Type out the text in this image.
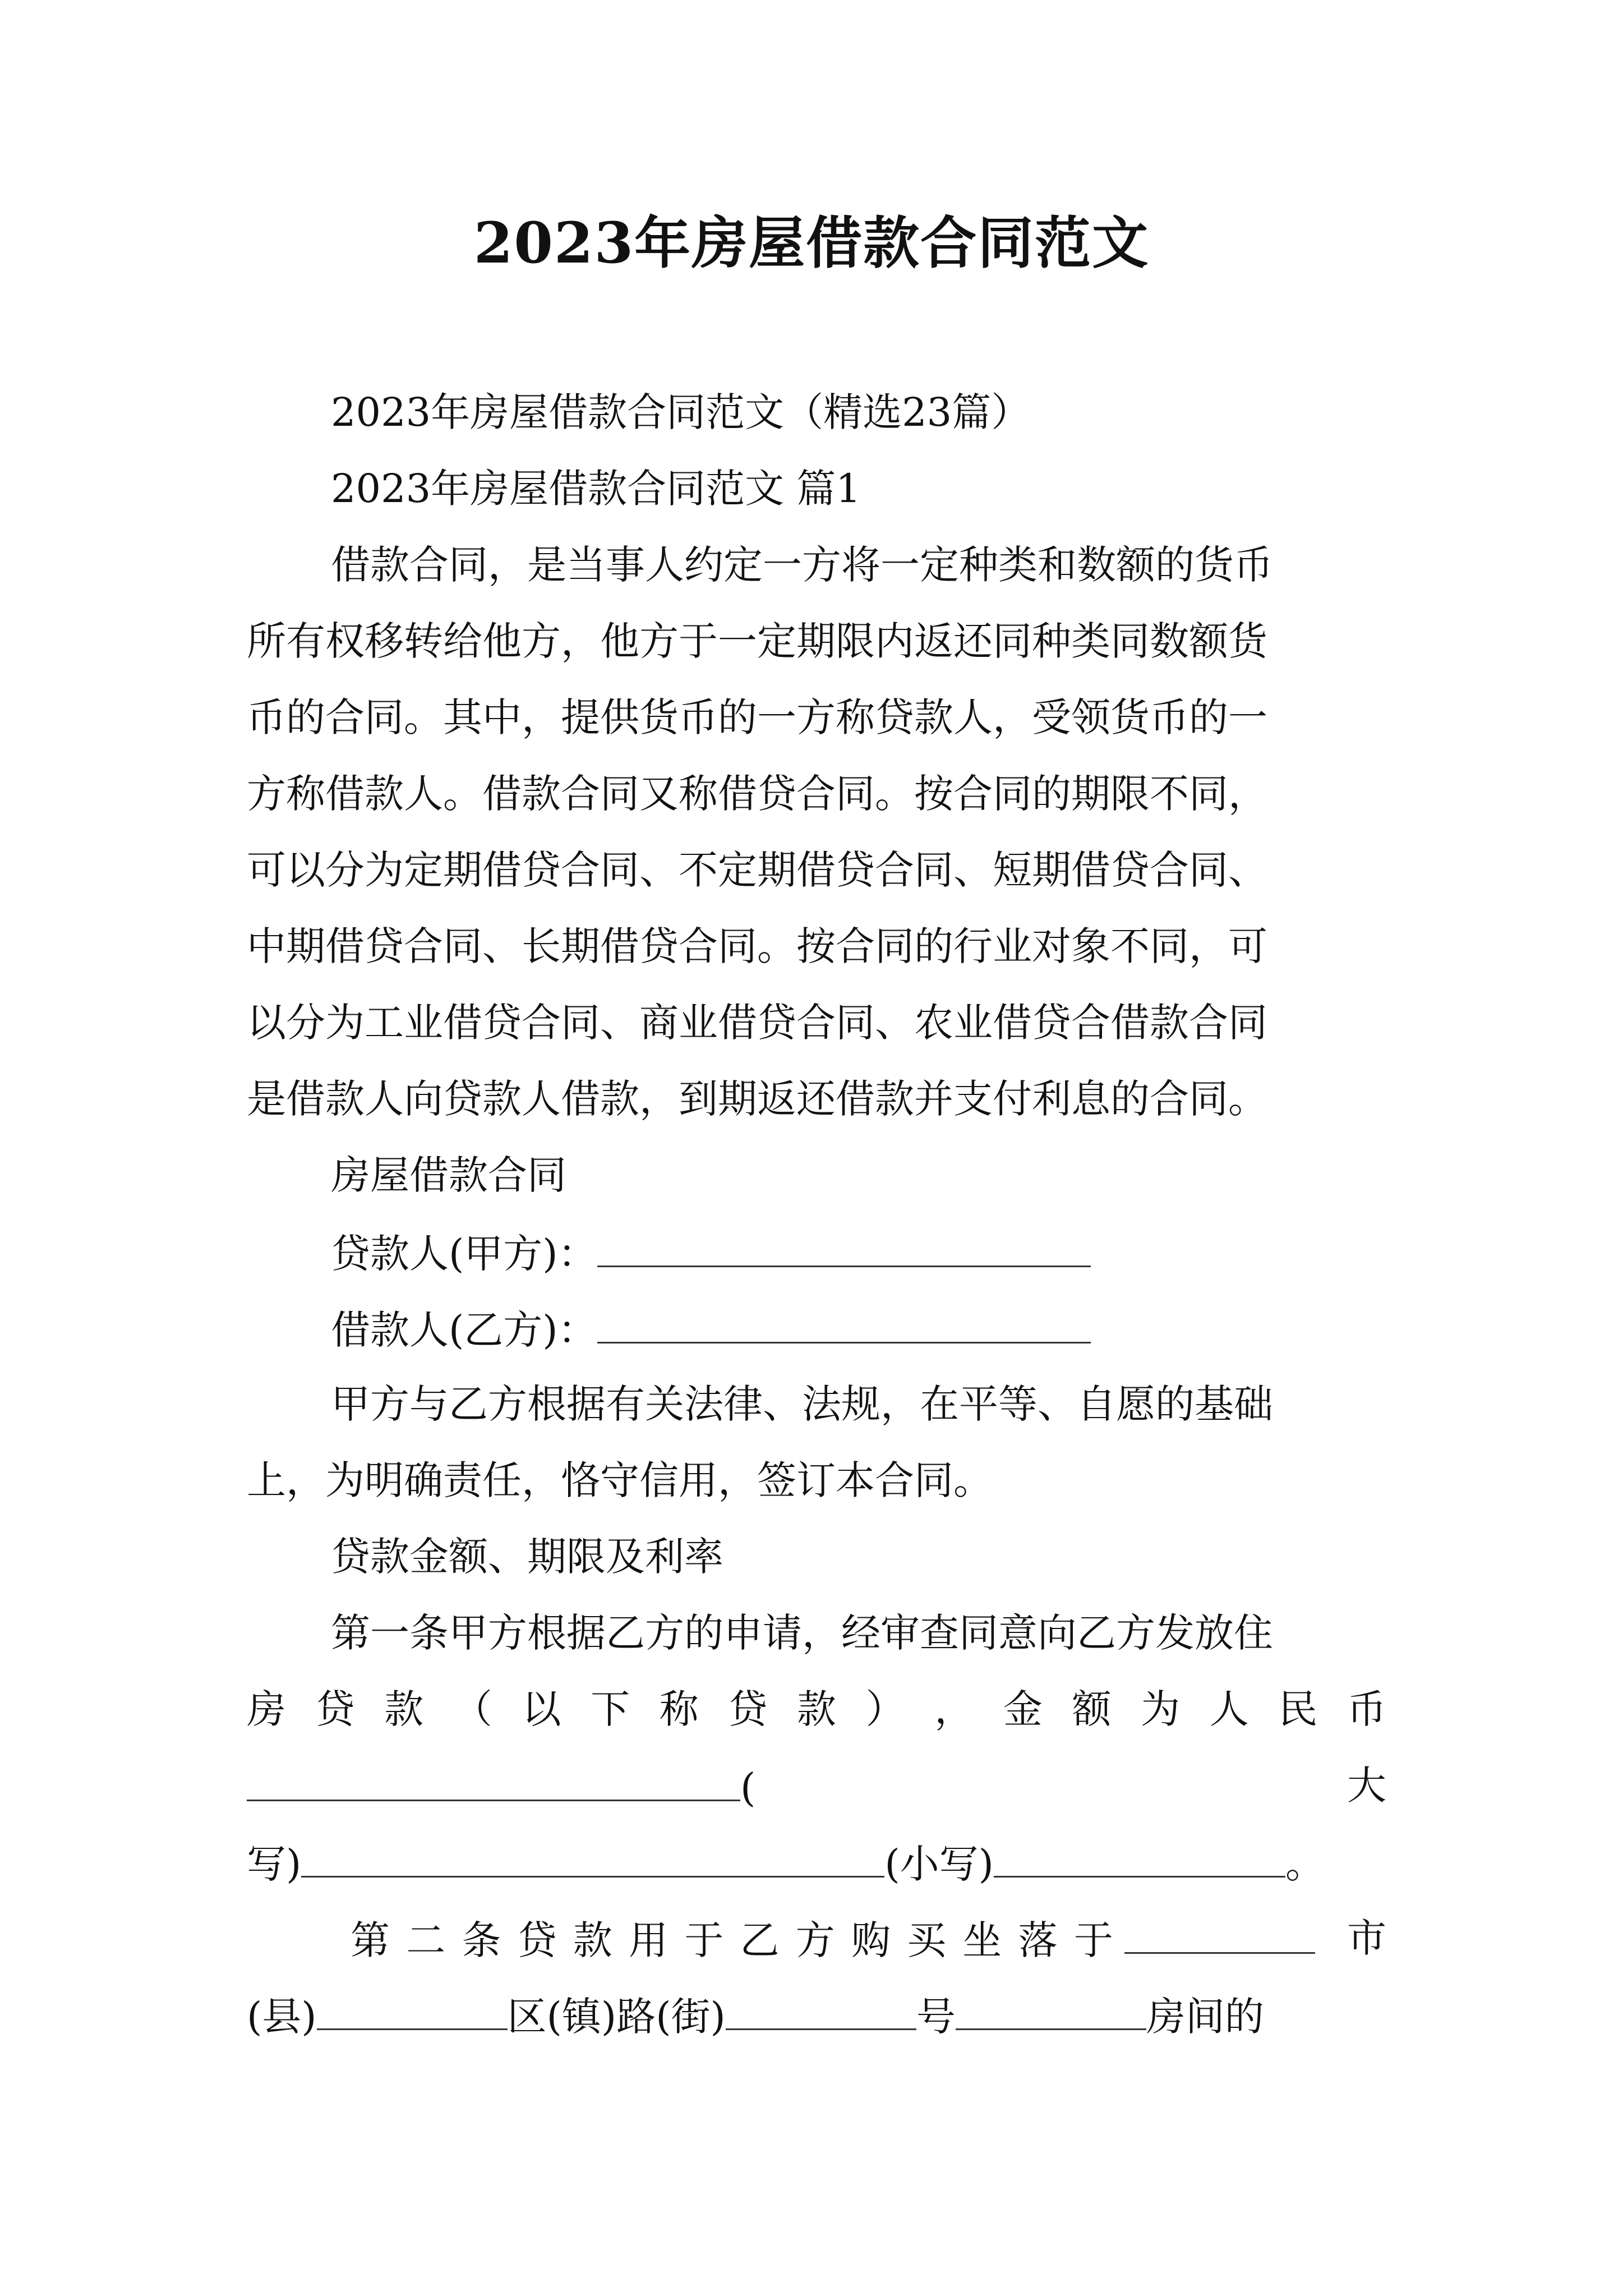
2023年房屋借款合同范文
2023年房屋借款合同范文（精选23篇）
2023年房屋借款合同范文 篇1
借款合同，是当事人约定一方将一定种类和数额的货币
所有权移转给他方，他方于一定期限内返还同种类同数额货
币的合同。其中，提供货币的一方称贷款人，受领货币的一
方称借款人。借款合同又称借贷合同。按合同的期限不同，
可以分为定期借贷合同、不定期借贷合同、短期借贷合同、
中期借贷合同、长期借贷合同。按合同的行业对象不同，可
以分为工业借贷合同、商业借贷合同、农业借贷合借款合同
是借款人向贷款人借款，到期返还借款并支付利息的合同。
房屋借款合同
贷款人(甲方)：
借款人(乙方)：
甲方与乙方根据有关法律、法规，在平等、自愿的基础
上，为明确责任，恪守信用，签订本合同。
贷款金额、期限及利率
第一条甲方根据乙方的申请，经审查同意向乙方发放住
房 贷 款 （ 以 下 称 贷 款 ） ， 金 额 为 人 民 币
(	大
写)	(小写)	。
第 二 条 贷 款 用 于 乙 方 购 买 坐 落 于	市
(县)	区(镇)路(街)	号	房间的
